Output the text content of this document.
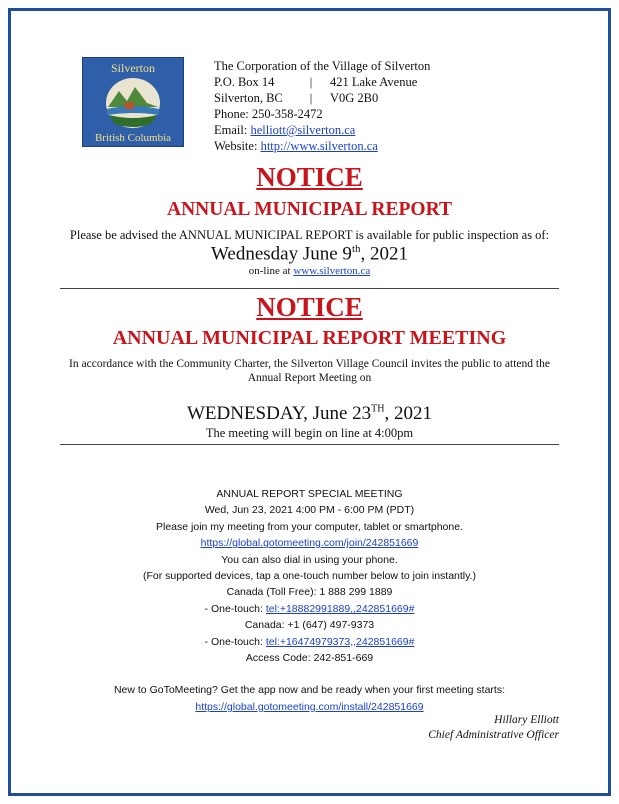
Silverton
British Columbia
The Corporation of the Village of Silverton
P.O. Box 14	| 421 Lake Avenue
Silverton, BC | V0G 2B0
Phone: 250-358-2472
Email: helliott@silverton.ca
Website: http://www.silverton.ca
NOTICE
ANNUAL MUNICIPAL REPORT
Please be advised the ANNUAL MUNICIPAL REPORT is available for public inspection as of:
Wednesday June 9th, 2021
on-line at www.silverton.ca
NOTICE
ANNUAL MUNICIPAL REPORT MEETING
In accordance with the Community Charter, the Silverton Village Council invites the public to attend the
Annual Report Meeting on
WEDNESDAY, June 23TH, 2021
The meeting will begin on line at 4:00pm
ANNUAL REPORT SPECIAL MEETING
Wed, Jun 23, 2021 4:00 PM - 6:00 PM (PDT)
Please join my meeting from your computer, tablet or smartphone.
https://global.gotomeeting.com/join/242851669
You can also dial in using your phone.
(For supported devices, tap a one-touch number below to join instantly.)
Canada (Toll Free): 1 888 299 1889
- One-touch: tel:+18882991889,,242851669#
Canada: +1 (647) 497-9373
- One-touch: tel:+16474979373,,242851669#
Access Code: 242-851-669
New to GoToMeeting? Get the app now and be ready when your first meeting starts:
https://global.gotomeeting.com/install/242851669
Hillary Elliott
Chief Administrative Officer
